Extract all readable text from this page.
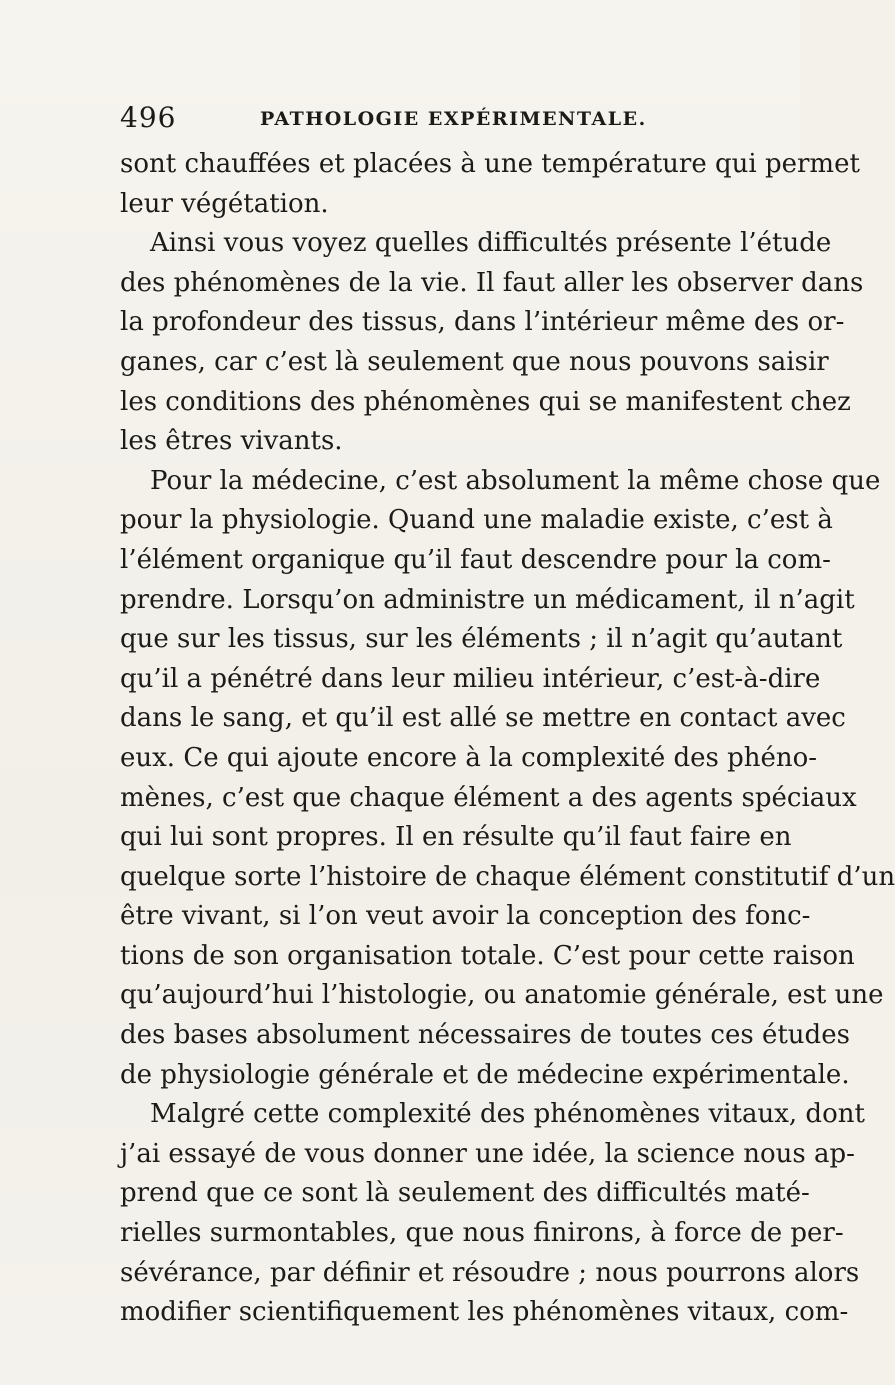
496	PATHOLOGIE EXPÉRIMENTALE.
sont chauffées et placées à une température qui permet
leur végétation.
Ainsi vous voyez quelles difficultés présente l’étude
des phénomènes de la vie. Il faut aller les observer dans
la profondeur des tissus, dans l’intérieur même des or-
ganes, car c’est là seulement que nous pouvons saisir
les conditions des phénomènes qui se manifestent chez
les êtres vivants.
Pour la médecine, c’est absolument la même chose que
pour la physiologie. Quand une maladie existe, c’est à
l’élément organique qu’il faut descendre pour la com-
prendre. Lorsqu’on administre un médicament, il n’agit
que sur les tissus, sur les éléments ; il n’agit qu’autant
qu’il a pénétré dans leur milieu intérieur, c’est-à-dire
dans le sang, et qu’il est allé se mettre en contact avec
eux. Ce qui ajoute encore à la complexité des phéno-
mènes, c’est que chaque élément a des agents spéciaux
qui lui sont propres. Il en résulte qu’il faut faire en
quelque sorte l’histoire de chaque élément constitutif d’un
être vivant, si l’on veut avoir la conception des fonc-
tions de son organisation totale. C’est pour cette raison
qu’aujourd’hui l’histologie, ou anatomie générale, est une
des bases absolument nécessaires de toutes ces études
de physiologie générale et de médecine expérimentale.
Malgré cette complexité des phénomènes vitaux, dont
j’ai essayé de vous donner une idée, la science nous ap-
prend que ce sont là seulement des difficultés maté-
rielles surmontables, que nous finirons, à force de per-
sévérance, par définir et résoudre ; nous pourrons alors
modifier scientifiquement les phénomènes vitaux, com-
